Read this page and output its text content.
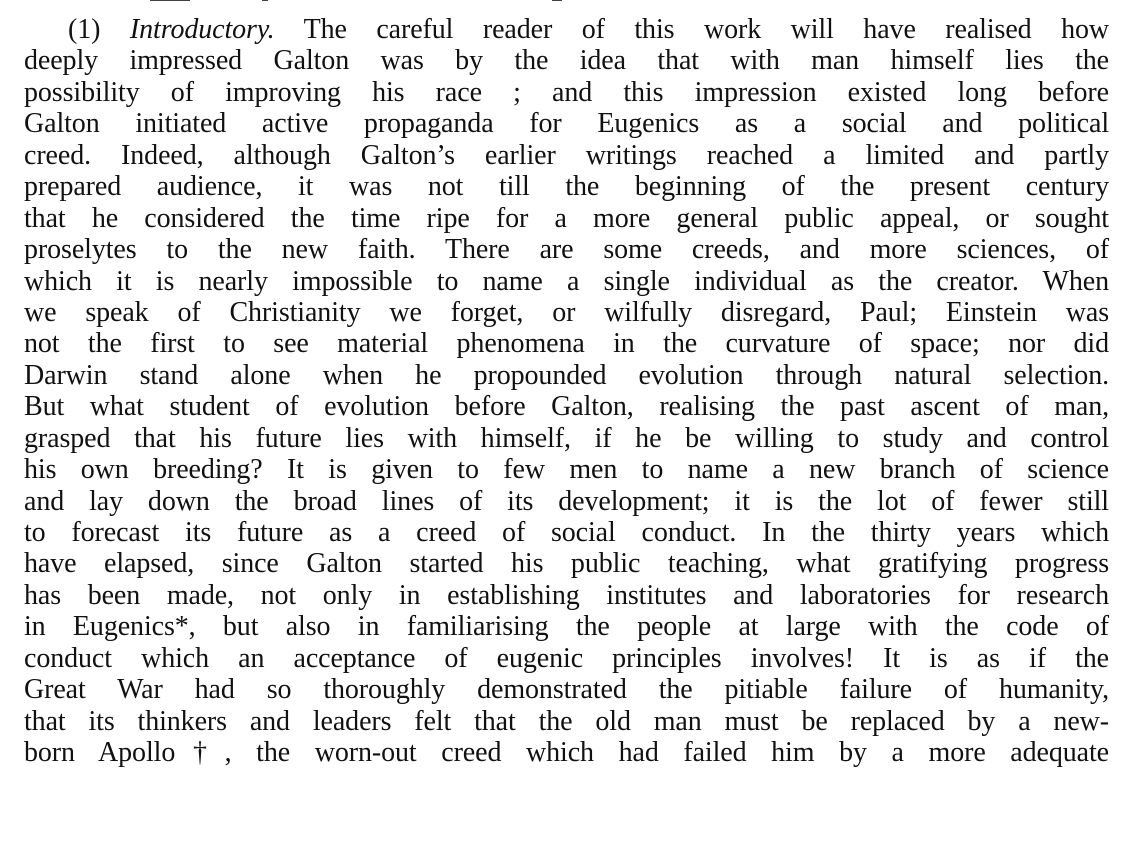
(1) Introductory. The careful reader of this work will have realised how
deeply impressed Galton was by the idea that with man himself lies the
possibility of improving his race ; and this impression existed long before
Galton initiated active propaganda for Eugenics as a social and political
creed. Indeed, although Galton’s earlier writings reached a limited and partly
prepared audience, it was not till the beginning of the present century
that he considered the time ripe for a more general public appeal, or sought
proselytes to the new faith. There are some creeds, and more sciences, of
which it is nearly impossible to name a single individual as the creator. When
we speak of Christianity we forget, or wilfully disregard, Paul; Einstein was
not the first to see material phenomena in the curvature of space; nor did
Darwin stand alone when he propounded evolution through natural selection.
But what student of evolution before Galton, realising the past ascent of man,
grasped that his future lies with himself, if he be willing to study and control
his own breeding? It is given to few men to name a new branch of science
and lay down the broad lines of its development; it is the lot of fewer still
to forecast its future as a creed of social conduct. In the thirty years which
have elapsed, since Galton started his public teaching, what gratifying progress
has been made, not only in establishing institutes and laboratories for research
in Eugenics*, but also in familiarising the people at large with the code of
conduct which an acceptance of eugenic principles involves! It is as if the
Great War had so thoroughly demonstrated the pitiable failure of humanity,
that its thinkers and leaders felt that the old man must be replaced by a new-
born Apollo†, the worn-out creed which had failed him by a more adequate
